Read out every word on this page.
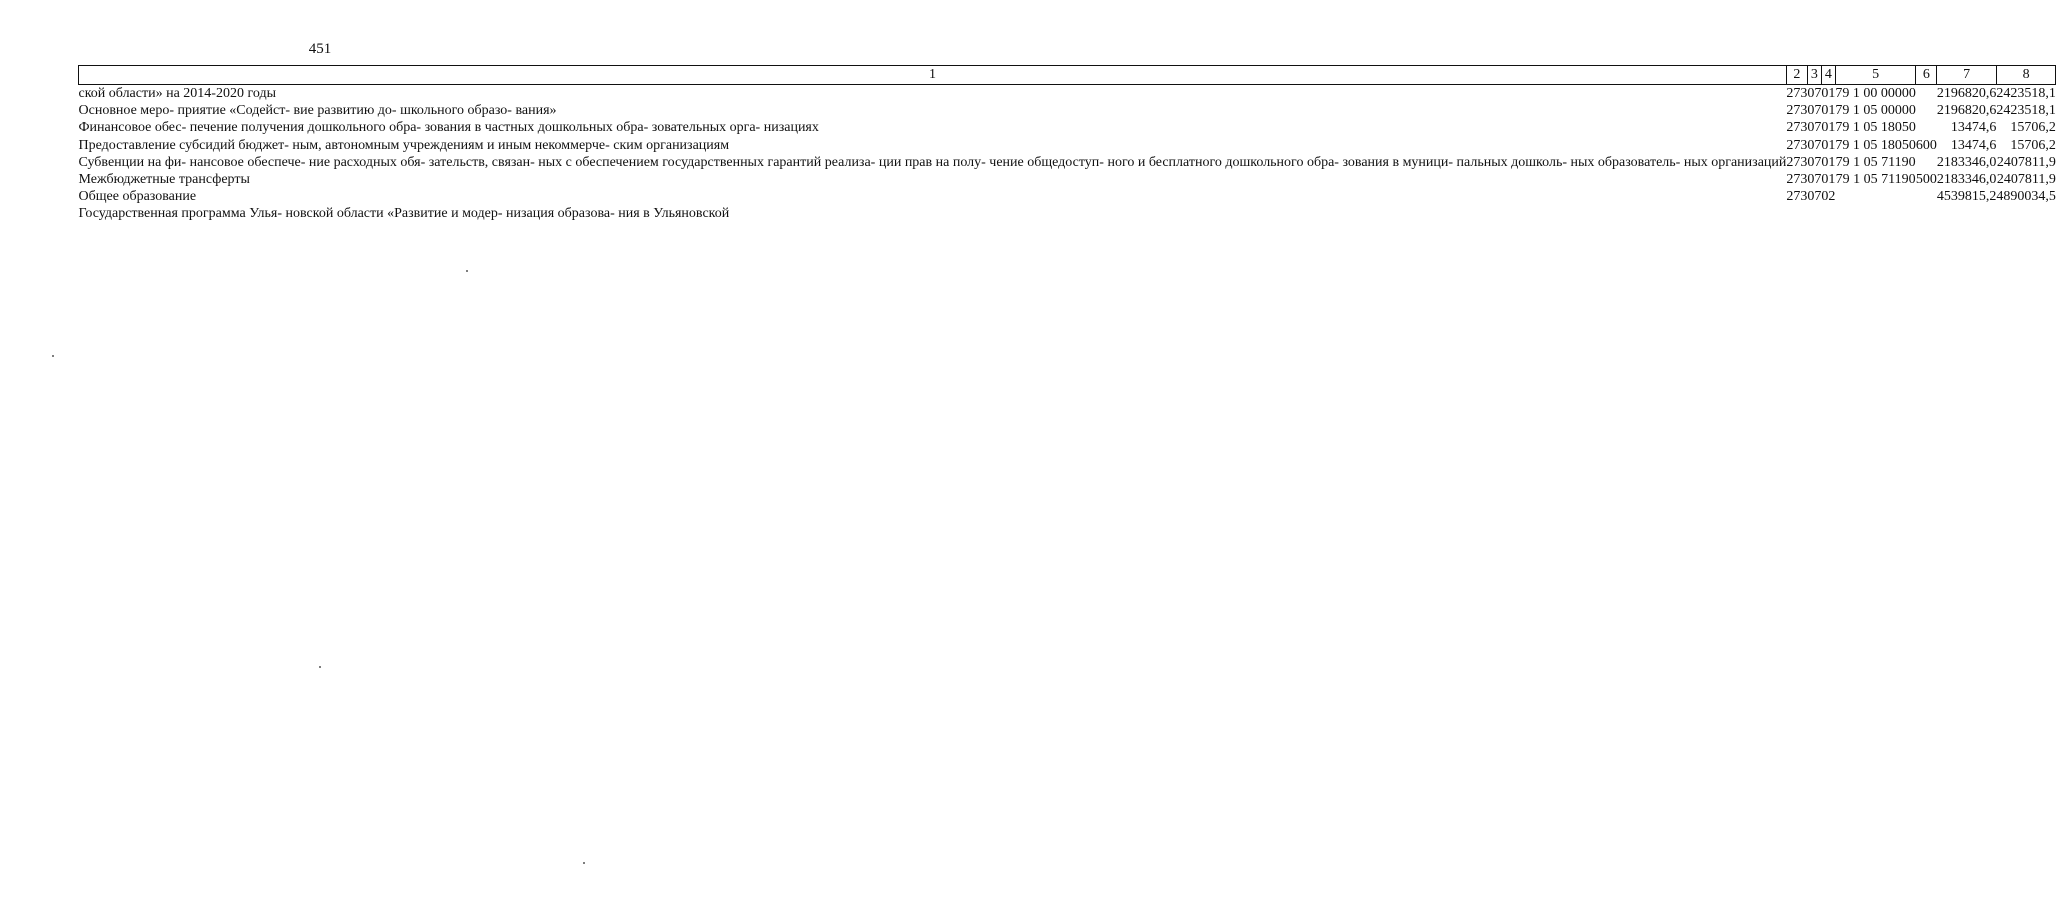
451
1	2	3	4	5	6	7	8
ской области» на 2014-2020 годы	273	07	01	79 1 00 00000		2196820,6	2423518,1
Основное меро- приятие «Содейст- вие развитию до- школьного образо- вания»	273	07	01	79 1 05 00000		2196820,6	2423518,1
Финансовое обес- печение получения дошкольного обра- зования в частных дошкольных обра- зовательных орга- низациях	273	07	01	79 1 05 18050		13474,6	15706,2
Предоставление субсидий бюджет- ным, автономным учреждениям и иным некоммерче- ским организациям	273	07	01	79 1 05 18050	600	13474,6	15706,2
Субвенции на фи- нансовое обеспече- ние расходных обя- зательств, связан- ных с обеспечением государственных гарантий реализа- ции прав на полу- чение общедоступ- ного и бесплатного дошкольного обра- зования в муници- пальных дошколь- ных образователь- ных организаций	273	07	01	79 1 05 71190		2183346,0	2407811,9
Межбюджетные трансферты	273	07	01	79 1 05 71190	500	2183346,0	2407811,9
Общее образование	273	07	02			4539815,2	4890034,5
Государственная программа Улья- новской области «Развитие и модер- низация образова- ния в Ульяновской							
